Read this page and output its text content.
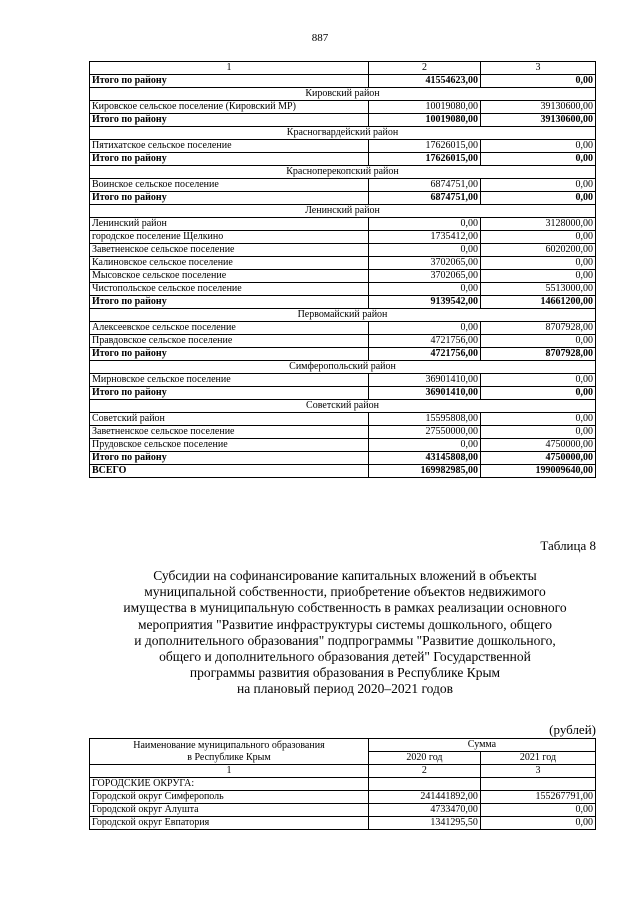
887
1	2	3
Итого по району	41554623,00	0,00
Кировский район		
Кировское сельское поселение (Кировский МР)	10019080,00	39130600,00
Итого по району	10019080,00	39130600,00
Красногвардейский район		
Пятихатское сельское поселение	17626015,00	0,00
Итого по району	17626015,00	0,00
Красноперекопский район		
Воинское сельское поселение	6874751,00	0,00
Итого по району	6874751,00	0,00
Ленинский район		
Ленинский район	0,00	3128000,00
городское поселение Щелкино	1735412,00	0,00
Заветненское сельское поселение	0,00	6020200,00
Калиновское сельское поселение	3702065,00	0,00
Мысовское сельское поселение	3702065,00	0,00
Чистопольское сельское поселение	0,00	5513000,00
Итого по району	9139542,00	14661200,00
Первомайский район		
Алексеевское сельское поселение	0,00	8707928,00
Правдовское сельское поселение	4721756,00	0,00
Итого по району	4721756,00	8707928,00
Симферопольский район		
Мирновское сельское поселение	36901410,00	0,00
Итого по району	36901410,00	0,00
Советский район		
Советский район	15595808,00	0,00
Заветненское сельское поселение	27550000,00	0,00
Прудовское сельское поселение	0,00	4750000,00
Итого по району	43145808,00	4750000,00
ВСЕГО	169982985,00	199009640,00
Таблица 8
Субсидии на софинансирование капитальных вложений в объекты
муниципальной собственности, приобретение объектов недвижимого
имущества в муниципальную собственность в рамках реализации основного
мероприятия "Развитие инфраструктуры системы дошкольного, общего
и дополнительного образования" подпрограммы "Развитие дошкольного,
общего и дополнительного образования детей" Государственной
программы развития образования в Республике Крым
на плановый период 2020–2021 годов
(рублей)
Наименование муниципального образования
в Республике Крым	Сумма	
	2020 год	2021 год
1	2	3
ГОРОДСКИЕ ОКРУГА:		
Городской округ Симферополь	241441892,00	155267791,00
Городской округ Алушта	4733470,00	0,00
Городской округ Евпатория	1341295,50	0,00
